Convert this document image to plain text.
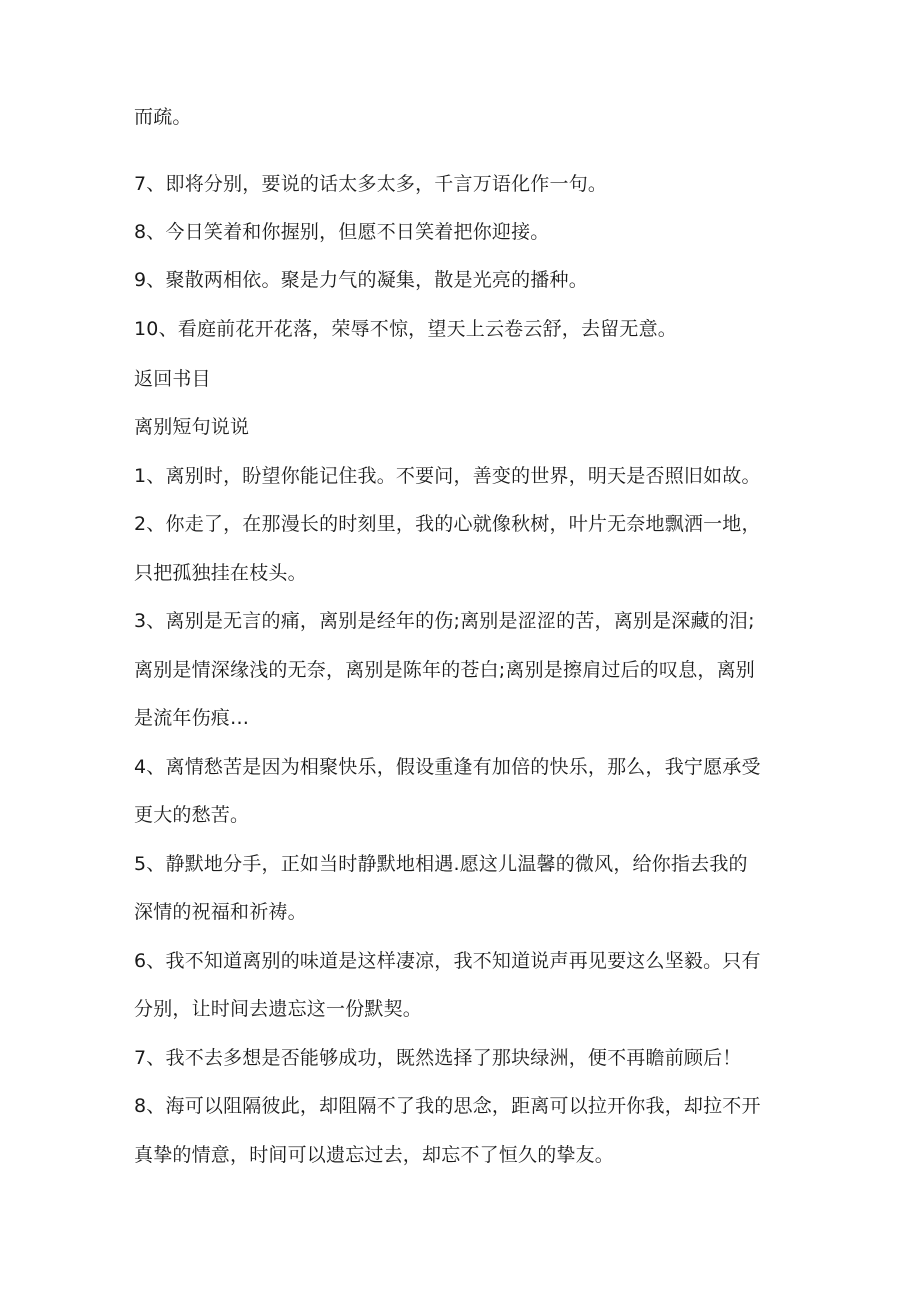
而疏。
7、即将分别，要说的话太多太多，千言万语化作一句。
8、今日笑着和你握别，但愿不日笑着把你迎接。
9、聚散两相依。聚是力气的凝集，散是光亮的播种。
10、看庭前花开花落，荣辱不惊，望天上云卷云舒，去留无意。
返回书目
离别短句说说
1、离别时，盼望你能记住我。不要问，善变的世界，明天是否照旧如故。
2、你走了，在那漫长的时刻里，我的心就像秋树，叶片无奈地飘洒一地，
只把孤独挂在枝头。
3、离别是无言的痛，离别是经年的伤;离别是涩涩的苦，离别是深藏的泪;
离别是情深缘浅的无奈，离别是陈年的苍白;离别是擦肩过后的叹息，离别
是流年伤痕…
4、离情愁苦是因为相聚快乐，假设重逢有加倍的快乐，那么，我宁愿承受
更大的愁苦。
5、静默地分手，正如当时静默地相遇.愿这儿温馨的微风，给你指去我的
深情的祝福和祈祷。
6、我不知道离别的味道是这样凄凉，我不知道说声再见要这么坚毅。只有
分别，让时间去遗忘这一份默契。
7、我不去多想是否能够成功，既然选择了那块绿洲，便不再瞻前顾后！
8、海可以阻隔彼此，却阻隔不了我的思念，距离可以拉开你我，却拉不开
真挚的情意，时间可以遗忘过去，却忘不了恒久的挚友。
